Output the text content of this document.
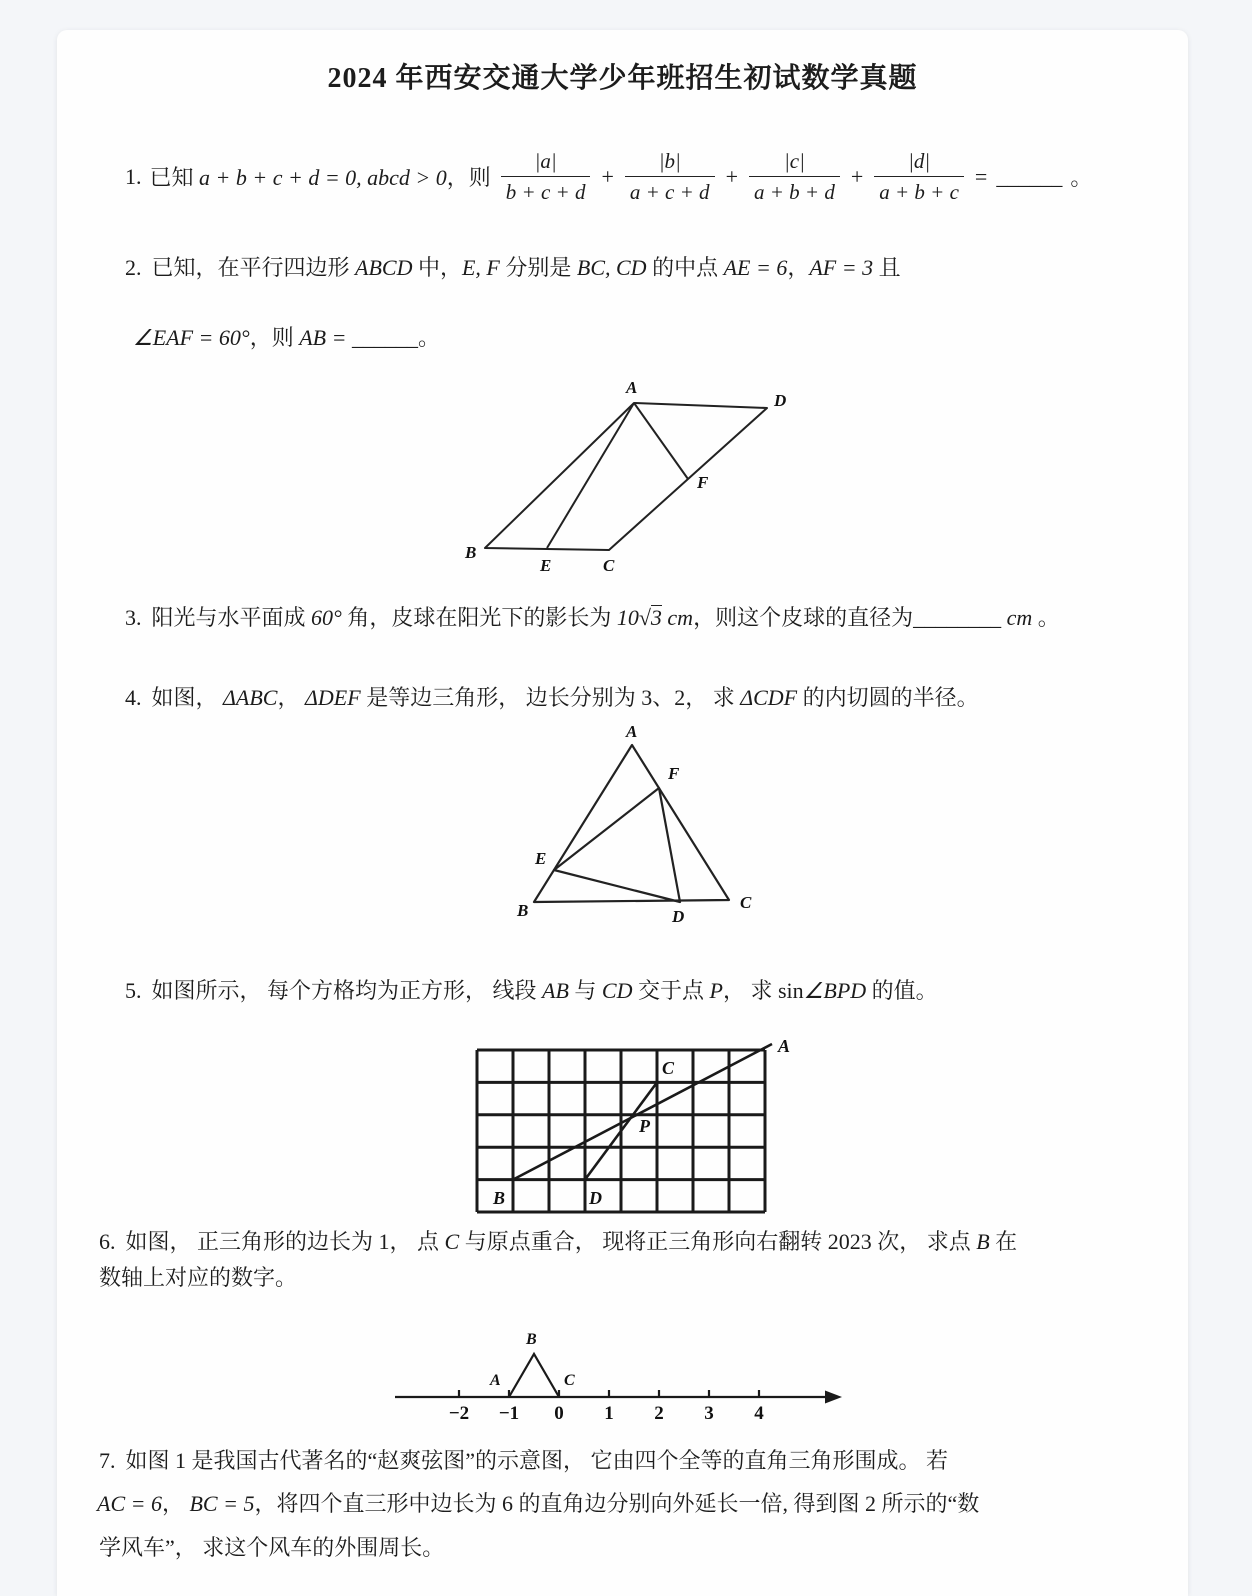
2024 年西安交通大学少年班招生初试数学真题
1. 已知 a + b + c + d = 0, abcd > 0，则 $\frac{|a|}{b + c + d} + \frac{|b|}{a + c + d} + \frac{|c|}{a + b + d} + \frac{|d|}{a + b + c}$ = ______ 。
2. 已知，在平行四边形 ABCD 中，E, F 分别是 BC, CD 的中点 AE = 6，AF = 3 且
∠EAF = 60°，则 AB = ______。
A
D
B
E	C
F
3. 阳光与水平面成 60° 角，皮球在阳光下的影长为 10√3 cm，则这个皮球的直径为________ cm 。
4. 如图， ΔABC， ΔDEF 是等边三角形， 边长分别为 3、2， 求 ΔCDF 的内切圆的半径。
A
F
E
B	D
C
5. 如图所示， 每个方格均为正方形， 线段 AB 与 CD 交于点 P， 求 sin∠BPD 的值。
A
C
P
B	D
6. 如图， 正三角形的边长为 1， 点 C 与原点重合， 现将正三角形向右翻转 2023 次， 求点 B 在
数轴上对应的数字。
−2 −1 0 1 2 3 4
A
B
C
7. 如图 1 是我国古代著名的“赵爽弦图”的示意图， 它由四个全等的直角三角形围成。 若
AC = 6， BC = 5，将四个直三形中边长为 6 的直角边分别向外延长一倍, 得到图 2 所示的“数
学风车”， 求这个风车的外围周长。
